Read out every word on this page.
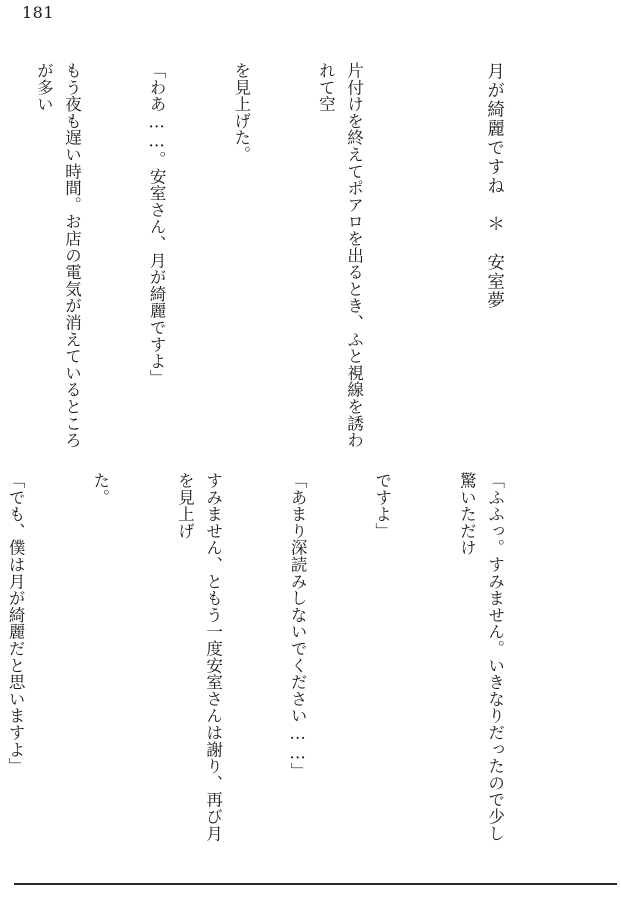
181

月が綺麗ですね　＊　安室夢

片付けを終えてポアロを出るとき、ふと視線を誘われて空

を見上げた。

「わあ……。安室さん、月が綺麗ですよ」

もう夜も遅い時間。お店の電気が消えているところが多い

「ふふっ。すみません。いきなりだったので少し驚いただけ

ですよ」

「あまり深読みしないでください……」

すみません、ともう一度安室さんは謝り、再び月を見上げ

た。

「でも、僕は月が綺麗だと思いますよ」
